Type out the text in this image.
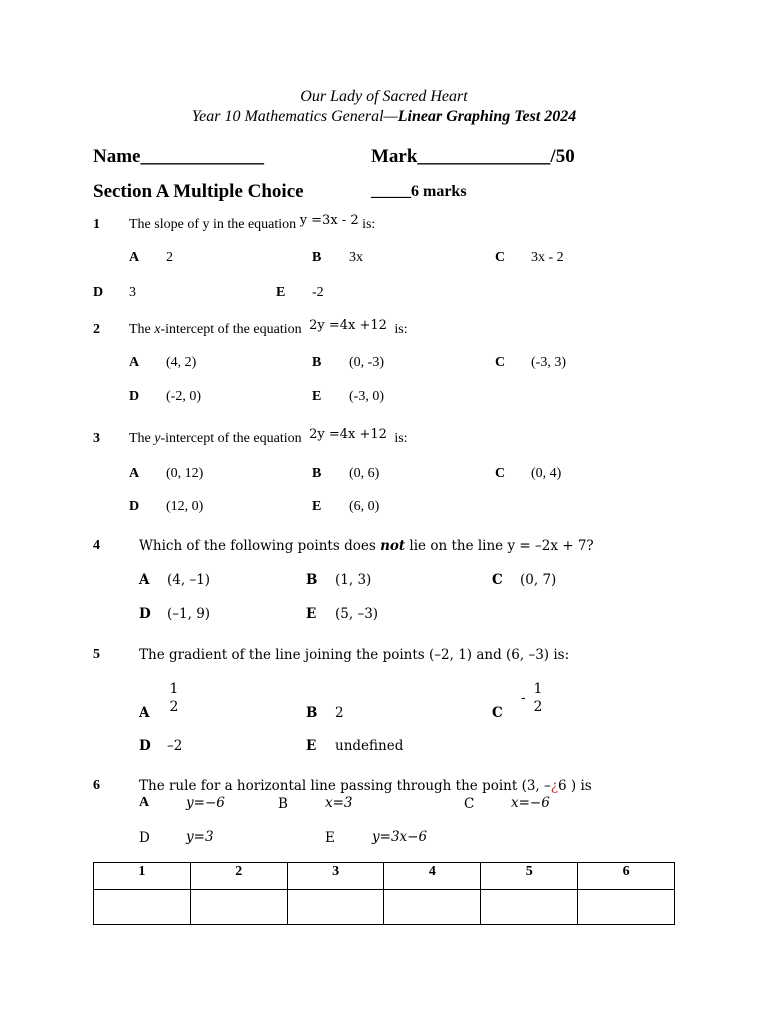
Our Lady of Sacred Heart
Year 10 Mathematics General—Linear Graphing Test 2024
Name_____________	Mark______________/50
Section A Multiple Choice	_____6 marks
1 The slope of y in the equation y =3x - 2 is:
A 2	B 3x	C 3x - 2
D 3	E -2
2 The x-intercept of the equation 2y =4x +12 is:
A (4, 2)	B (0, -3)	C (-3, 3)
D (-2, 0)	E (-3, 0)
3 The y-intercept of the equation 2y =4x +12 is:
A (0, 12)	B (0, 6)	C (0, 4)
D (12, 0)	E (6, 0)
4	Which of the following points does not lie on the line y = –2x + 7?
A (4, –1)	B (1, 3)	C (0, 7)
D (–1, 9)	E (5, –3)
5	The gradient of the line joining the points (–2, 1) and (6, –3) is:
A
1
2	B 2	C
-
1
2
D –2	E undefined
6	The rule for a horizontal line passing through the point (3, –¿6 ) is
A	y=−6	B	x=3	C	x=−6
D	y=3	E	y=3x−6
1	2	3	4	5	6
